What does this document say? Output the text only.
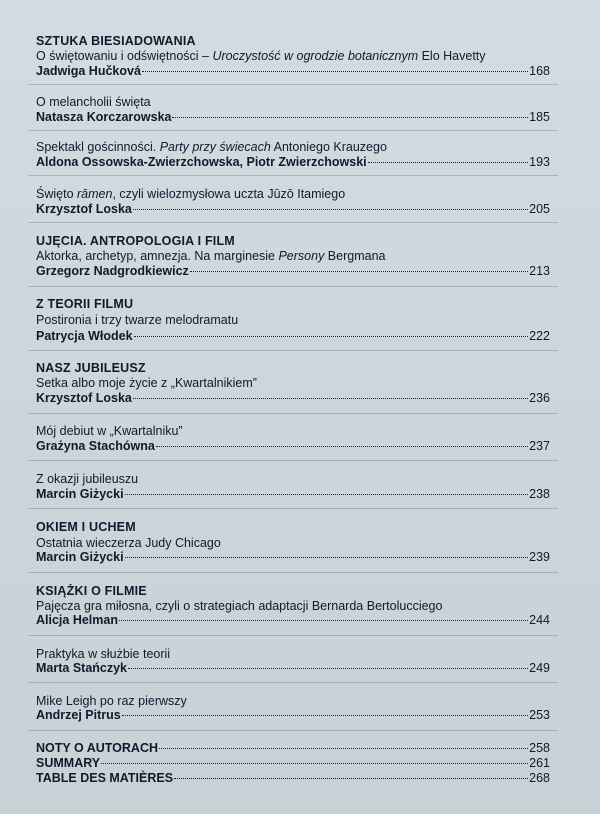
SZTUKA BIESIADOWANIA
O świętowaniu i odświętności – Uroczystość w ogrodzie botanicznym Elo Havetty
Jadwiga Hučková	168
O melancholii święta
Natasza Korczarowska	185
Spektakl gościnności. Party przy świecach Antoniego Krauzego
Aldona Ossowska-Zwierzchowska, Piotr Zwierzchowski	193
Święto rāmen, czyli wielozmysłowa uczta Jūzō Itamiego
Krzysztof Loska	205
UJĘCIA. ANTROPOLOGIA I FILM
Aktorka, archetyp, amnezja. Na marginesie Persony Bergmana
Grzegorz Nadgrodkiewicz	213
Z TEORII FILMU
Postironia i trzy twarze melodramatu
Patrycja Włodek	222
NASZ JUBILEUSZ
Setka albo moje życie z „Kwartalnikiem”
Krzysztof Loska	236
Mój debiut w „Kwartalniku”
Grażyna Stachówna	237
Z okazji jubileuszu
Marcin Giżycki	238
OKIEM I UCHEM
Ostatnia wieczerza Judy Chicago
Marcin Giżycki	239
KSIĄŻKI O FILMIE
Pajęcza gra miłosna, czyli o strategiach adaptacji Bernarda Bertolucciego
Alicja Helman	244
Praktyka w służbie teorii
Marta Stańczyk	249
Mike Leigh po raz pierwszy
Andrzej Pitrus	253
NOTY O AUTORACH	258
SUMMARY	261
TABLE DES MATIÈRES	268
